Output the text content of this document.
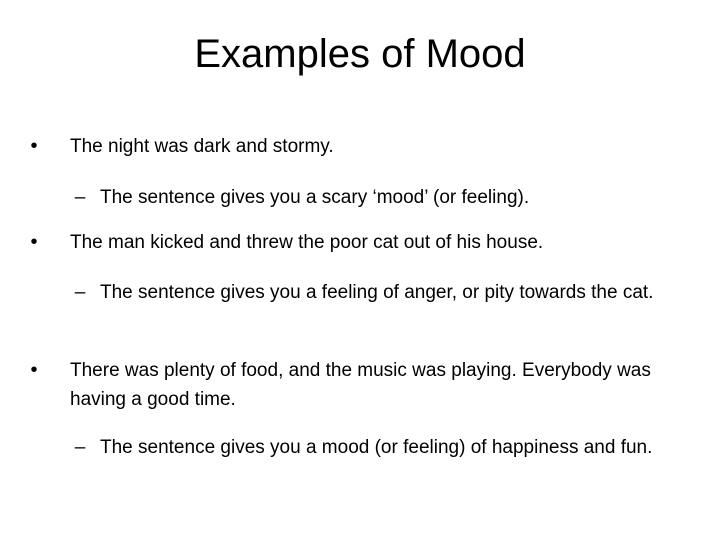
Examples of Mood
• The night was dark and stormy.
– The sentence gives you a scary ‘mood’ (or feeling).
• The man kicked and threw the poor cat out of his house.
– The sentence gives you a feeling of anger, or pity towards the cat.
• There was plenty of food, and the music was playing. Everybody was having a good time.
– The sentence gives you a mood (or feeling) of happiness and fun.
